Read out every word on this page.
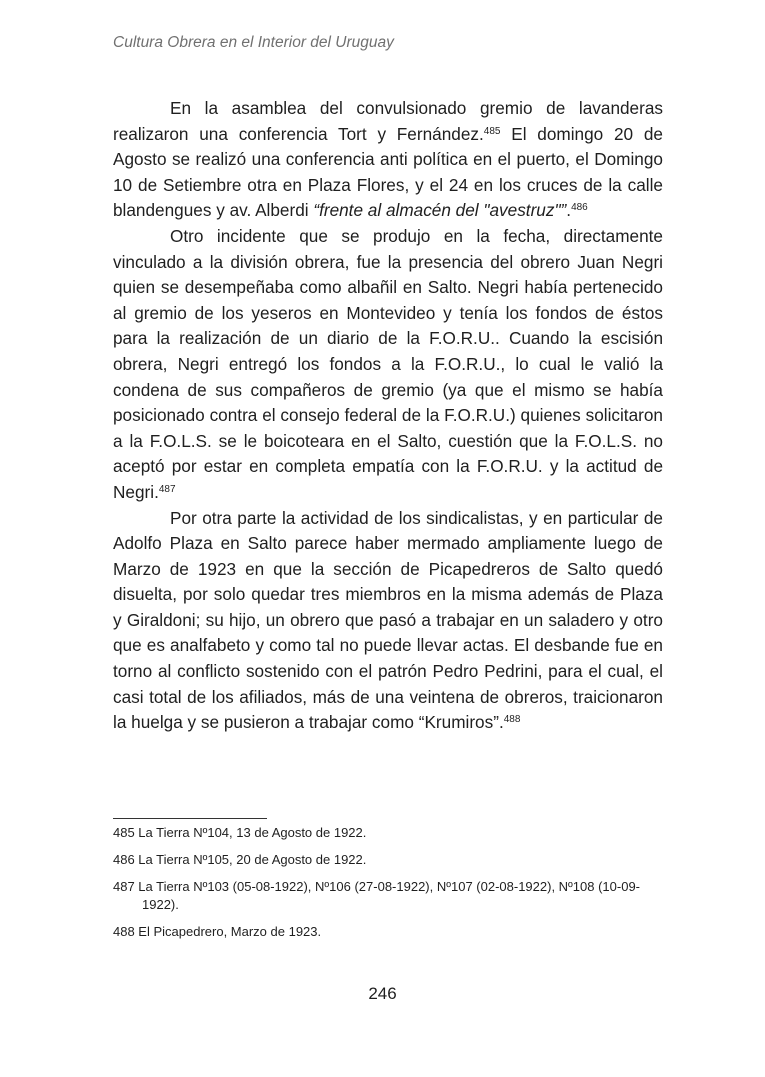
Cultura Obrera en el Interior del Uruguay

En la asamblea del convulsionado gremio de lavanderas realizaron una conferencia Tort y Fernández.$^{485}$ El domingo 20 de Agosto se realizó una conferencia anti política en el puerto, el Domingo 10 de Setiembre otra en Plaza Flores, y el 24 en los cruces de la calle blandengues y av. Alberdi “frente al almacén del "avestruz"”.$^{486}$

Otro incidente que se produjo en la fecha, directamente vinculado a la división obrera, fue la presencia del obrero Juan Negri quien se desempeñaba como albañil en Salto. Negri había pertenecido al gremio de los yeseros en Montevideo y tenía los fondos de éstos para la realización de un diario de la F.O.R.U.. Cuando la escisión obrera, Negri entregó los fondos a la F.O.R.U., lo cual le valió la condena de sus compañeros de gremio (ya que el mismo se había posicionado contra el consejo federal de la F.O.R.U.) quienes solicitaron a la F.O.L.S. se le boicoteara en el Salto, cuestión que la F.O.L.S. no aceptó por estar en completa empatía con la F.O.R.U. y la actitud de Negri.$^{487}$

Por otra parte la actividad de los sindicalistas, y en particular de Adolfo Plaza en Salto parece haber mermado ampliamente luego de Marzo de 1923 en que la sección de Picapedreros de Salto quedó disuelta, por solo quedar tres miembros en la misma además de Plaza y Giraldoni; su hijo, un obrero que pasó a trabajar en un saladero y otro que es analfabeto y como tal no puede llevar actas. El desbande fue en torno al conflicto sostenido con el patrón Pedro Pedrini, para el cual, el casi total de los afiliados, más de una veintena de obreros, traicionaron la huelga y se pusieron a trabajar como “Krumiros”.$^{488}$

485 La Tierra Nº104, 13 de Agosto de 1922.

486 La Tierra Nº105, 20 de Agosto de 1922.

487 La Tierra Nº103 (05-08-1922), Nº106 (27-08-1922), Nº107 (02-08-1922), Nº108 (10-09-1922).

488 El Picapedrero, Marzo de 1923.

246
